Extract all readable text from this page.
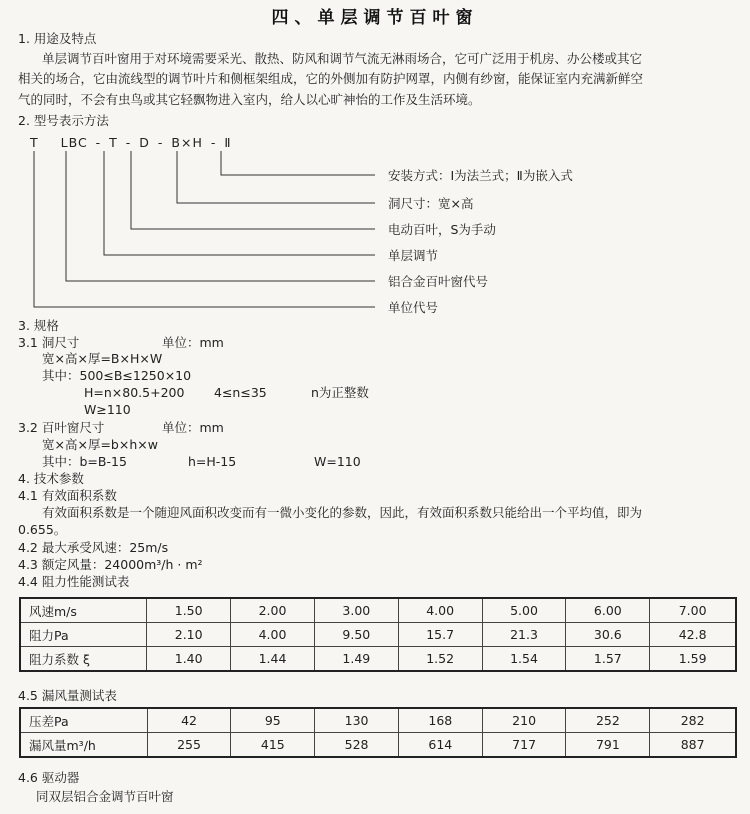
四、单层调节百叶窗
1. 用途及特点
单层调节百叶窗用于对环境需要采光、散热、防风和调节气流无淋雨场合，它可广泛用于机房、办公楼或其它
相关的场合，它由流线型的调节叶片和侧框架组成，它的外侧加有防护网罩，内侧有纱窗，能保证室内充满新鲜空
气的同时，不会有虫鸟或其它轻飘物进入室内，给人以心旷神怡的工作及生活环境。
2. 型号表示方法
T LBC - T - D - B×H - Ⅱ
安装方式：Ⅰ为法兰式；Ⅱ为嵌入式
洞尺寸：宽×高
电动百叶，S为手动
单层调节
铝合金百叶窗代号
单位代号
3. 规格
3.1 洞尺寸	单位：mm
宽×高×厚=B×H×W
其中：500≤B≤1250×10
H=n×80.5+200 4≤n≤35	n为正整数
W≥110
3.2 百叶窗尺寸	单位：mm
宽×高×厚=b×h×w
其中：b=B-15	h=H-15	W=110
4. 技术参数
4.1 有效面积系数
有效面积系数是一个随迎风面积改变而有一微小变化的参数，因此，有效面积系数只能给出一个平均值，即为
0.655。
4.2 最大承受风速：25m/s
4.3 额定风量：24000m³/h · m²
4.4 阻力性能测试表
风速m/s	1.50	2.00	3.00	4.00	5.00	6.00	7.00
阻力Pa	2.10	4.00	9.50	15.7	21.3	30.6	42.8
阻力系数 ξ	1.40	1.44	1.49	1.52	1.54	1.57	1.59
4.5 漏风量测试表
压差Pa	42	95	130	168	210	252	282
漏风量m³/h	255	415	528	614	717	791	887
4.6 驱动器
同双层铝合金调节百叶窗
